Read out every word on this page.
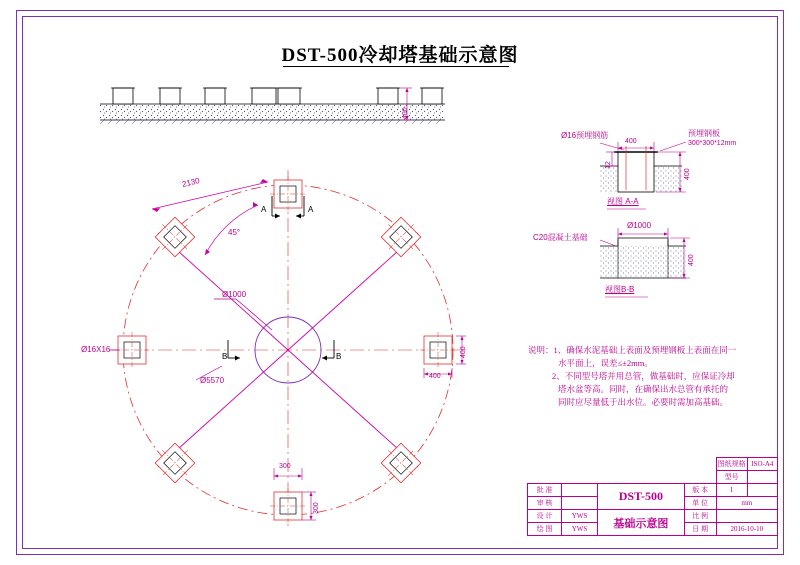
DST-500冷却塔基础示意图
400
Ø16预埋钢筋	预埋钢板
300*300*12mm
400
12
400
视图 A-A
C20混凝土基础
Ø1000
400
视图B-B
2130
45°
Ø1000
Ø5570
Ø16X16	400
400
300
300
A	A
B	B
说明：1、确保水泥基础上表面及预埋钢板上表面在同一
水平面上，误差≤±2mm。
2、不同型号塔并用总管，做基础时，应保证冷却
塔水盆等高。同时，在确保出水总管有承托的
同时应尽量低于出水位。必要时需加高基础。
				图纸规格	ISO-A4
				型号	
批 准		DST-500	版 本	I	
审 核			单 位	mm	
设 计	YWS	基础示意图	比 例		
绘 图	YWS		日 期	2016-10-10	
